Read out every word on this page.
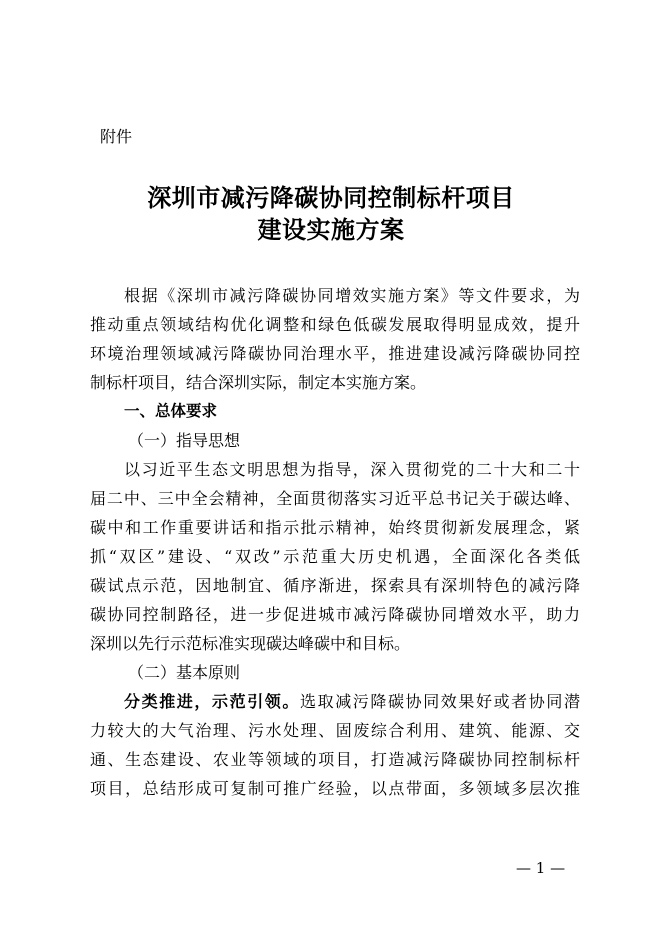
附件
深圳市减污降碳协同控制标杆项目
建设实施方案
根据《深圳市减污降碳协同增效实施方案》等文件要求，为
推动重点领域结构优化调整和绿色低碳发展取得明显成效，提升
环境治理领域减污降碳协同治理水平，推进建设减污降碳协同控
制标杆项目，结合深圳实际，制定本实施方案。
一、总体要求
（一）指导思想
以习近平生态文明思想为指导，深入贯彻党的二十大和二十
届二中、三中全会精神，全面贯彻落实习近平总书记关于碳达峰、
碳中和工作重要讲话和指示批示精神，始终贯彻新发展理念，紧
抓“双区”建设、“双改”示范重大历史机遇，全面深化各类低
碳试点示范，因地制宜、循序渐进，探索具有深圳特色的减污降
碳协同控制路径，进一步促进城市减污降碳协同增效水平，助力
深圳以先行示范标准实现碳达峰碳中和目标。
（二）基本原则
分类推进，示范引领。选取减污降碳协同效果好或者协同潜
力较大的大气治理、污水处理、固废综合利用、建筑、能源、交
通、生态建设、农业等领域的项目，打造减污降碳协同控制标杆
项目，总结形成可复制可推广经验，以点带面，多领域多层次推
— 1 —
